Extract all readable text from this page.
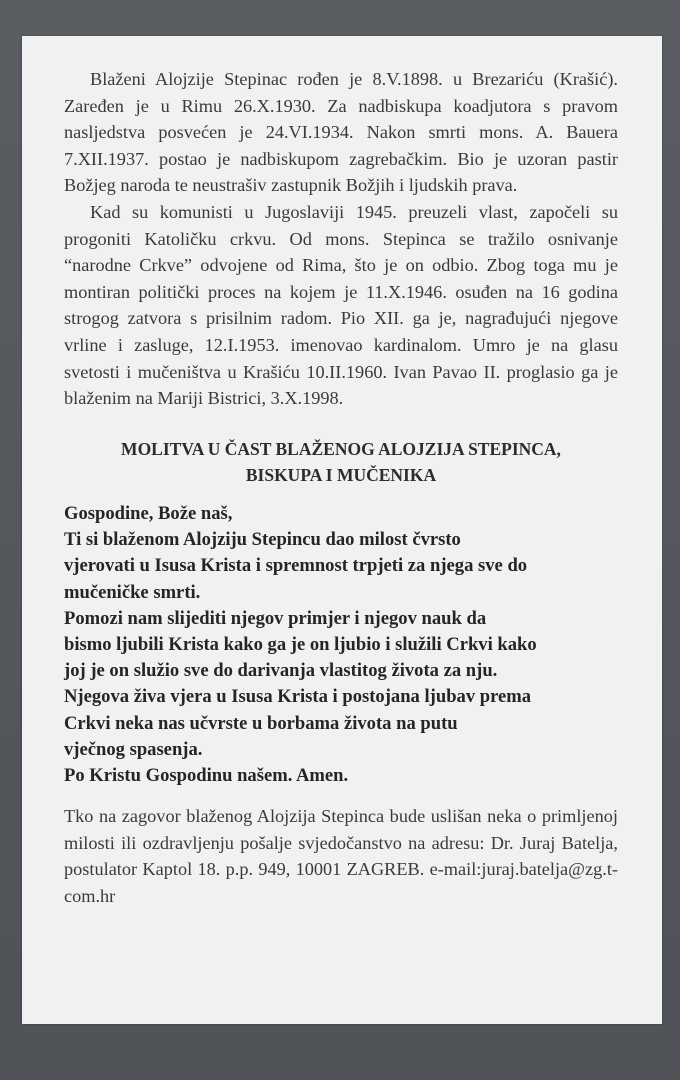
Blaženi Alojzije Stepinac rođen je 8.V.1898. u Brezariću (Krašić). Zaređen je u Rimu 26.X.1930. Za nadbiskupa koadjutora s pravom nasljedstva posvećen je 24.VI.1934. Nakon smrti mons. A. Bauera 7.XII.1937. postao je nadbiskupom zagrebačkim. Bio je uzoran pastir Božjeg naroda te neustrašiv zastupnik Božjih i ljudskih prava.

Kad su komunisti u Jugoslaviji 1945. preuzeli vlast, započeli su progoniti Katoličku crkvu. Od mons. Stepinca se tražilo osnivanje “narodne Crkve” odvojene od Rima, što je on odbio. Zbog toga mu je montiran politički proces na kojem je 11.X.1946. osuđen na 16 godina strogog zatvora s prisilnim radom. Pio XII. ga je, nagrađujući njegove vrline i zasluge, 12.I.1953. imenovao kardinalom. Umro je na glasu svetosti i mučeništva u Krašiću 10.II.1960. Ivan Pavao II. proglasio ga je blaženim na Mariji Bistrici, 3.X.1998.

MOLITVA U ČAST BLAŽENOG ALOJZIJA STEPINCA,
BISKUPA I MUČENIKA
Gospodine, Bože naš,
Ti si blaženom Alojziju Stepincu dao milost čvrsto
vjerovati u Isusa Krista i spremnost trpjeti za njega sve do
mučeničke smrti.
Pomozi nam slijediti njegov primjer i njegov nauk da
bismo ljubili Krista kako ga je on ljubio i služili Crkvi kako
joj je on služio sve do darivanja vlastitog života za nju.
Njegova živa vjera u Isusa Krista i postojana ljubav prema
Crkvi neka nas učvrste u borbama života na putu
vječnog spasenja.
Po Kristu Gospodinu našem. Amen.
Tko na zagovor blaženog Alojzija Stepinca bude uslišan neka o primljenoj milosti ili ozdravljenju pošalje svjedočanstvo na adresu: Dr. Juraj Batelja, postulator Kaptol 18. p.p. 949, 10001 ZAGREB. e-mail:juraj.batelja@zg.t-com.hr
